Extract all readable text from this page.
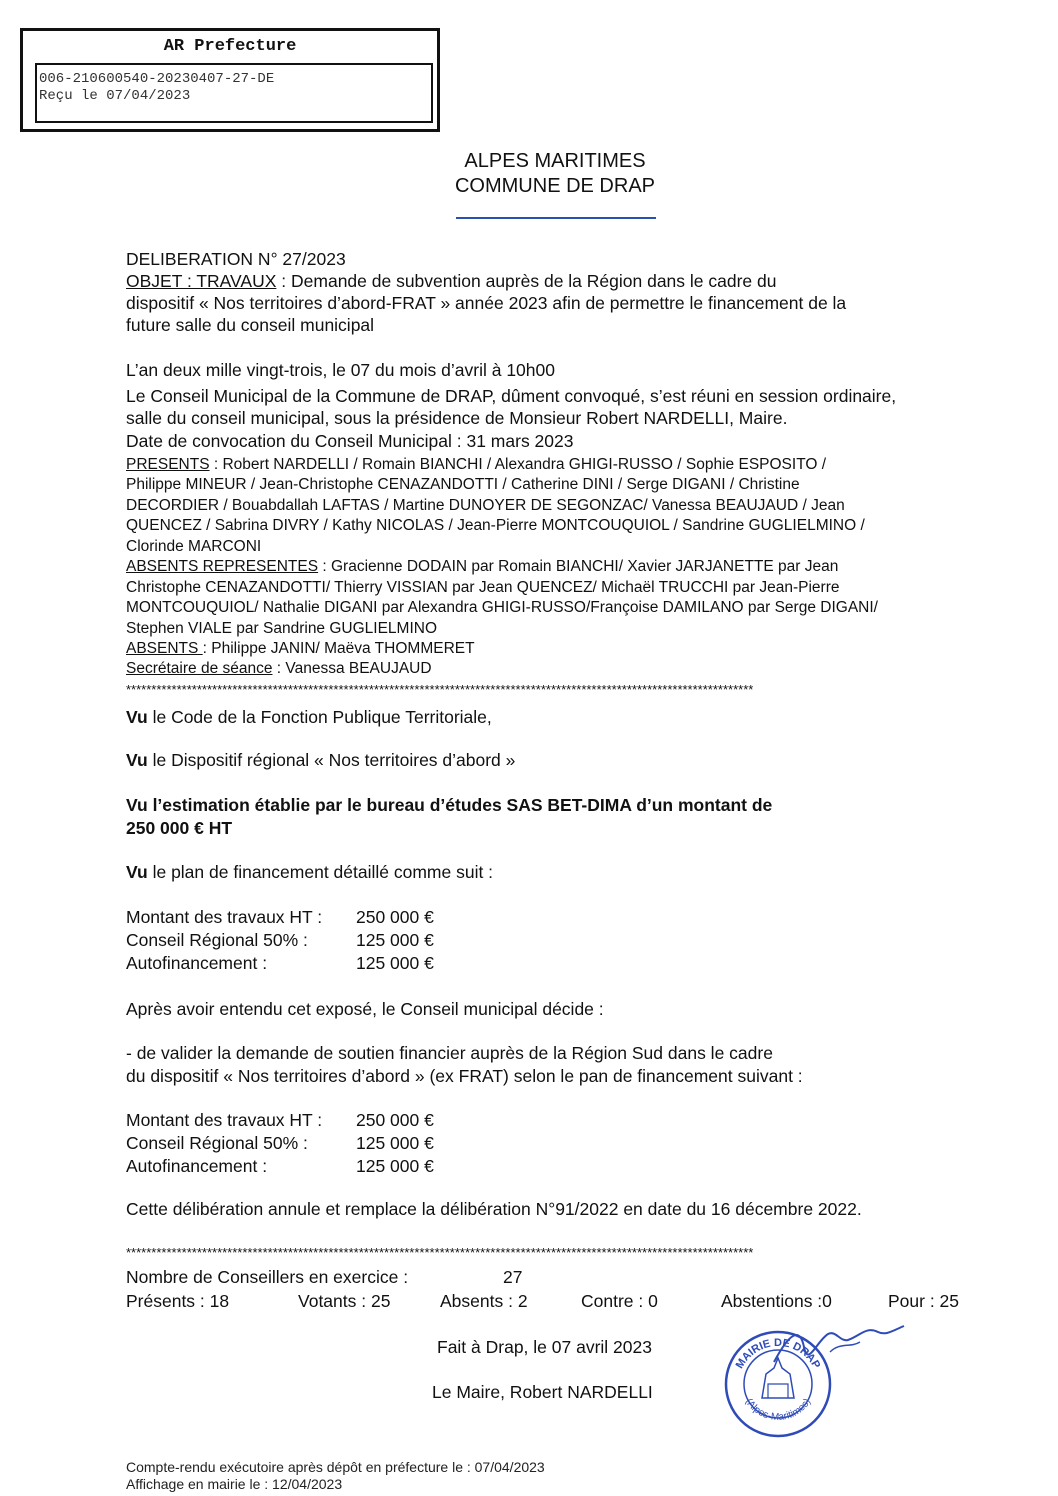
AR Prefecture
006-210600540-20230407-27-DE
Reçu le 07/04/2023
ALPES MARITIMES
COMMUNE DE DRAP
DELIBERATION N° 27/2023
OBJET : TRAVAUX : Demande de subvention auprès de la Région dans le cadre du
dispositif « Nos territoires d’abord-FRAT » année 2023 afin de permettre le financement de la
future salle du conseil municipal
L’an deux mille vingt-trois, le 07 du mois d’avril à 10h00
Le Conseil Municipal de la Commune de DRAP, dûment convoqué, s’est réuni en session ordinaire,
salle du conseil municipal, sous la présidence de Monsieur Robert NARDELLI, Maire.
Date de convocation du Conseil Municipal : 31 mars 2023
PRESENTS : Robert NARDELLI / Romain BIANCHI / Alexandra GHIGI-RUSSO / Sophie ESPOSITO /
Philippe MINEUR / Jean-Christophe CENAZANDOTTI / Catherine DINI / Serge DIGANI / Christine
DECORDIER / Bouabdallah LAFTAS / Martine DUNOYER DE SEGONZAC/ Vanessa BEAUJAUD / Jean
QUENCEZ / Sabrina DIVRY / Kathy NICOLAS / Jean-Pierre MONTCOUQUIOL / Sandrine GUGLIELMINO /
Clorinde MARCONI
ABSENTS REPRESENTES : Gracienne DODAIN par Romain BIANCHI/ Xavier JARJANETTE par Jean
Christophe CENAZANDOTTI/ Thierry VISSIAN par Jean QUENCEZ/ Michaël TRUCCHI par Jean-Pierre
MONTCOUQUIOL/ Nathalie DIGANI par Alexandra GHIGI-RUSSO/Françoise DAMILANO par Serge DIGANI/
Stephen VIALE par Sandrine GUGLIELMINO
ABSENTS : Philippe JANIN/ Maëva THOMMERET
Secrétaire de séance : Vanessa BEAUJAUD
****************************************************************************************************************************
Vu le Code de la Fonction Publique Territoriale,
Vu le Dispositif régional « Nos territoires d’abord »
Vu l’estimation établie par le bureau d’études SAS BET-DIMA d’un montant de
250 000 € HT
Vu le plan de financement détaillé comme suit :
Montant des travaux HT : 250 000 €
Conseil Régional 50% :	125 000 €
Autofinancement :	125 000 €
Après avoir entendu cet exposé, le Conseil municipal décide :
- de valider la demande de soutien financier auprès de la Région Sud dans le cadre
du dispositif « Nos territoires d’abord » (ex FRAT) selon le pan de financement suivant :
Montant des travaux HT : 250 000 €
Conseil Régional 50% :	125 000 €
Autofinancement :	125 000 €
Cette délibération annule et remplace la délibération N°91/2022 en date du 16 décembre 2022.
****************************************************************************************************************************
Nombre de Conseillers en exercice :	27
Présents : 18	Votants : 25	Absents : 2	Contre : 0	Abstentions :0	Pour : 25
Fait à Drap, le 07 avril 2023
Le Maire, Robert NARDELLI
MAIRIE DE DRAP
(Alpes-Maritimes)
Compte-rendu exécutoire après dépôt en préfecture le : 07/04/2023
Affichage en mairie le : 12/04/2023
